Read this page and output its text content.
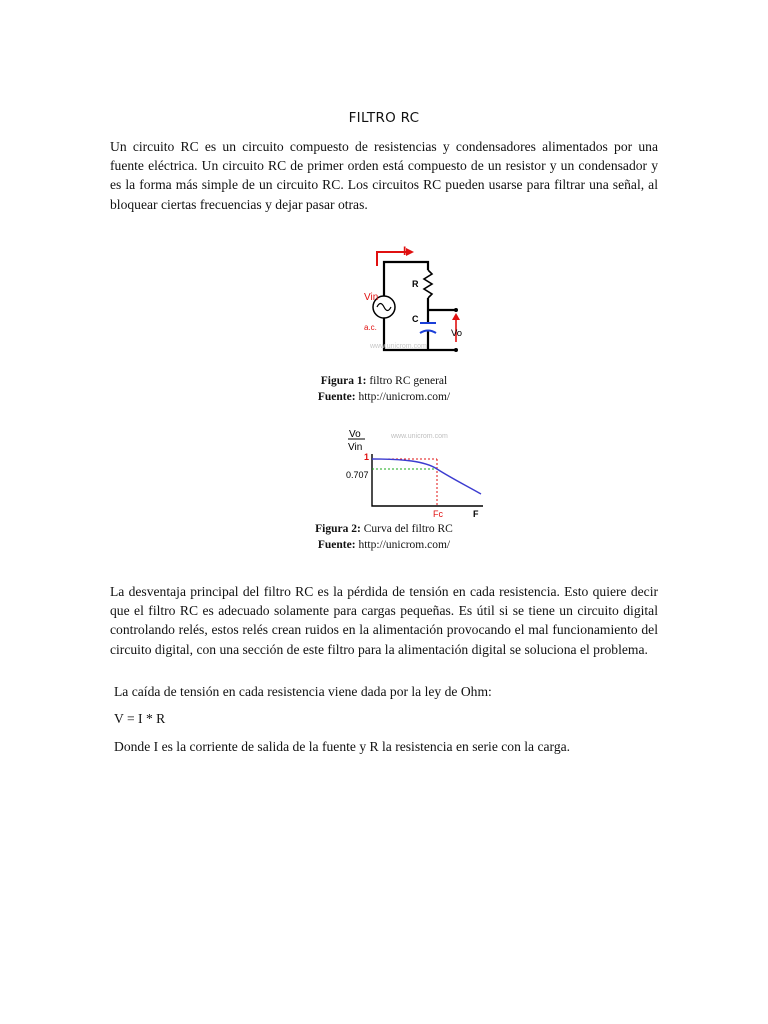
FILTRO RC

Un circuito RC es un circuito compuesto de resistencias y condensadores alimentados por una fuente eléctrica. Un circuito RC de primer orden está compuesto de un resistor y un condensador y es la forma más simple de un circuito RC. Los circuitos RC pueden usarse para filtrar una señal, al bloquear ciertas frecuencias y dejar pasar otras.

I
R
Vin
a.c.
C
Vo
www.unicrom.com
Figura 1: filtro RC general
Fuente: http://unicrom.com/
Vo
Vin
www.unicrom.com
1
0.707
Fc	F
Figura 2: Curva del filtro RC
Fuente: http://unicrom.com/

La desventaja principal del filtro RC es la pérdida de tensión en cada resistencia. Esto quiere decir que el filtro RC es adecuado solamente para cargas pequeñas. Es útil si se tiene un circuito digital controlando relés, estos relés crean ruidos en la alimentación provocando el mal funcionamiento del circuito digital, con una sección de este filtro para la alimentación digital se soluciona el problema.

La caída de tensión en cada resistencia viene dada por la ley de Ohm:

V = I * R

Donde I es la corriente de salida de la fuente y R la resistencia en serie con la carga.
